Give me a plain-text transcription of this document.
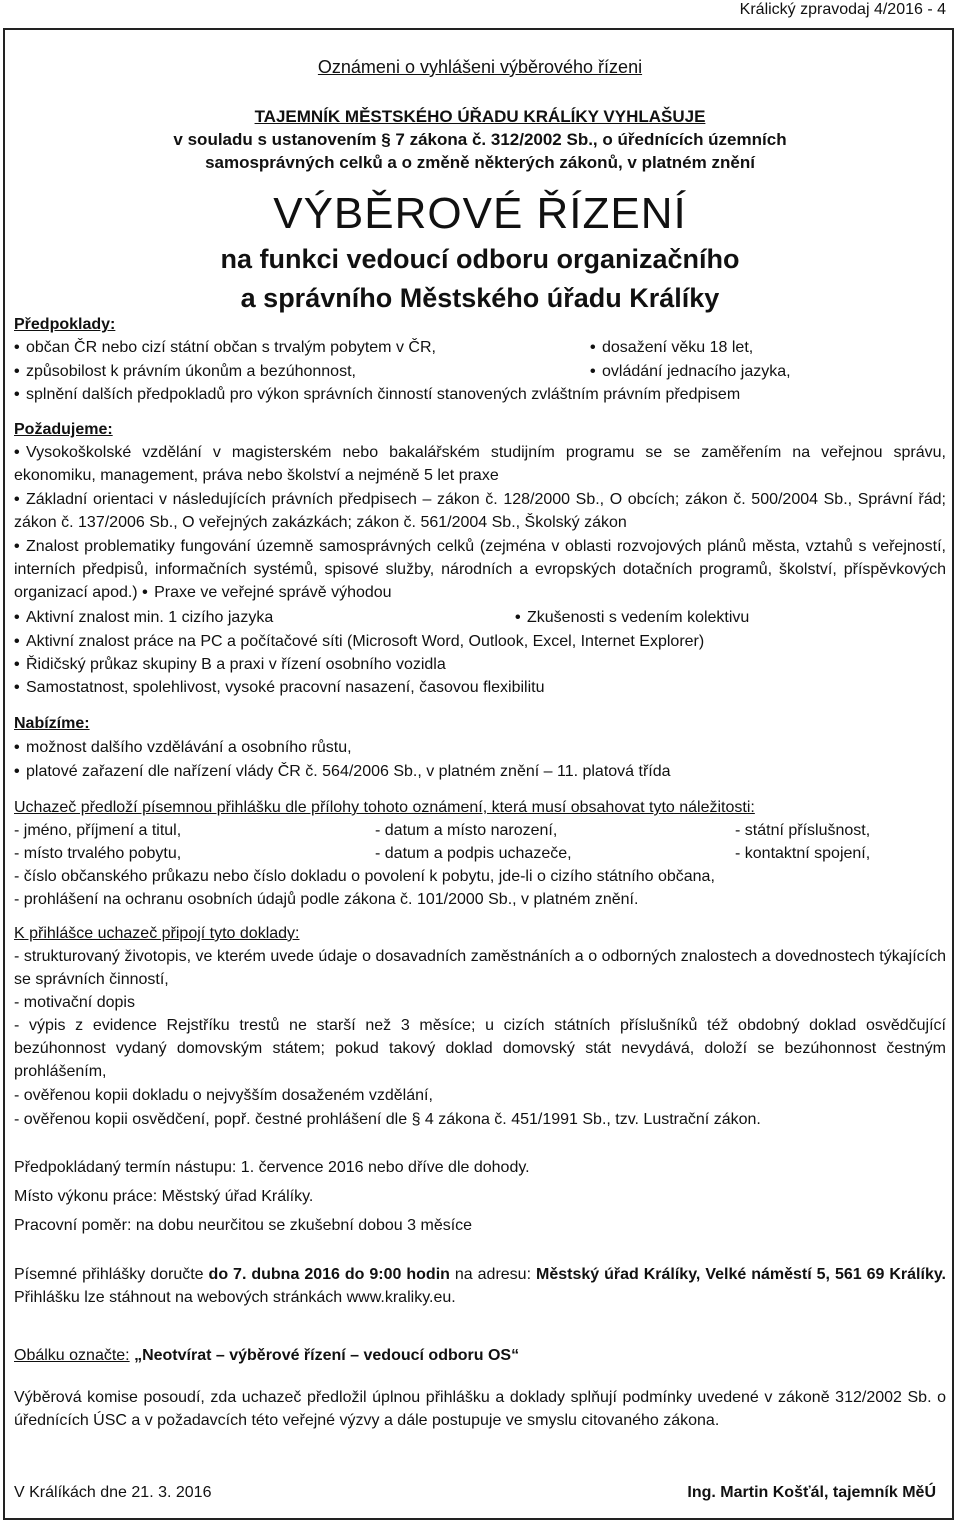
Králický zpravodaj 4/2016 - 4
Oznámeni o vyhlášeni výběrového řízeni
TAJEMNÍK MĚSTSKÉHO ÚŘADU KRÁLÍKY VYHLAŠUJE
v souladu s ustanovením § 7 zákona č. 312/2002 Sb., o úřednících územních
samosprávných celků a o změně některých zákonů, v platném znění
VÝBĚROVÉ ŘÍZENÍ
na funkci vedoucí odboru organizačního
a správního Městského úřadu Králíky
Předpoklady:
• občan ČR nebo cizí státní občan s trvalým pobytem v ČR,	• dosažení věku 18 let,
• způsobilost k právním úkonům a bezúhonnost,	• ovládání jednacího jazyka,
• splnění dalších předpokladů pro výkon správních činností stanovených zvláštním právním předpisem
Požadujeme:
• Vysokoškolské vzdělání v magisterském nebo bakalářském studijním programu se se zaměřením na veřejnou správu, ekonomiku, management, práva nebo školství a nejméně 5 let praxe
• Základní orientaci v následujících právních předpisech – zákon č. 128/2000 Sb., O obcích; zákon č. 500/2004 Sb., Správní řád; zákon č. 137/2006 Sb., O veřejných zakázkách; zákon č. 561/2004 Sb., Školský zákon
• Znalost problematiky fungování územně samosprávných celků (zejména v oblasti rozvojových plánů města, vztahů s veřejností, interních předpisů, informačních systémů, spisové služby, národních a evropských dotačních programů, školství, příspěvkových organizací apod.) • Praxe ve veřejné správě výhodou
• Aktivní znalost min. 1 cizího jazyka	• Zkušenosti s vedením kolektivu
• Aktivní znalost práce na PC a počítačové síti (Microsoft Word, Outlook, Excel, Internet Explorer)
• Řidičský průkaz skupiny B a praxi v řízení osobního vozidla
• Samostatnost, spolehlivost, vysoké pracovní nasazení, časovou flexibilitu
Nabízíme:
• možnost dalšího vzdělávání a osobního růstu,
• platové zařazení dle nařízení vlády ČR č. 564/2006 Sb., v platném znění – 11. platová třída
Uchazeč předloží písemnou přihlášku dle přílohy tohoto oznámení, která musí obsahovat tyto náležitosti:
- jméno, příjmení a titul,	- datum a místo narození,	- státní příslušnost,
- místo trvalého pobytu,	- datum a podpis uchazeče,	- kontaktní spojení,
- číslo občanského průkazu nebo číslo dokladu o povolení k pobytu, jde-li o cizího státního občana,
- prohlášení na ochranu osobních údajů podle zákona č. 101/2000 Sb., v platném znění.
K přihlášce uchazeč připojí tyto doklady:
- strukturovaný životopis, ve kterém uvede údaje o dosavadních zaměstnáních a o odborných znalostech a dovednostech týkajících se správních činností,
- motivační dopis
- výpis z evidence Rejstříku trestů ne starší než 3 měsíce; u cizích státních příslušníků též obdobný doklad osvědčující bezúhonnost vydaný domovským státem; pokud takový doklad domovský stát nevydává, doloží se bezúhonnost čestným prohlášením,
- ověřenou kopii dokladu o nejvyšším dosaženém vzdělání,
- ověřenou kopii osvědčení, popř. čestné prohlášení dle § 4 zákona č. 451/1991 Sb., tzv. Lustrační zákon.
Předpokládaný termín nástupu: 1. července 2016 nebo dříve dle dohody.
Místo výkonu práce: Městský úřad Králíky.
Pracovní poměr: na dobu neurčitou se zkušební dobou 3 měsíce
Písemné přihlášky doručte do 7. dubna 2016 do 9:00 hodin na adresu: Městský úřad Králíky, Velké náměstí 5, 561 69 Králíky. Přihlášku lze stáhnout na webových stránkách www.kraliky.eu.
Obálku označte: „Neotvírat – výběrové řízení – vedoucí odboru OS“
Výběrová komise posoudí, zda uchazeč předložil úplnou přihlášku a doklady splňují podmínky uvedené v zákoně 312/2002 Sb. o úřednících ÚSC a v požadavcích této veřejné výzvy a dále postupuje ve smyslu citovaného zákona.
V Králíkách dne 21. 3. 2016	Ing. Martin Košťál, tajemník MěÚ
